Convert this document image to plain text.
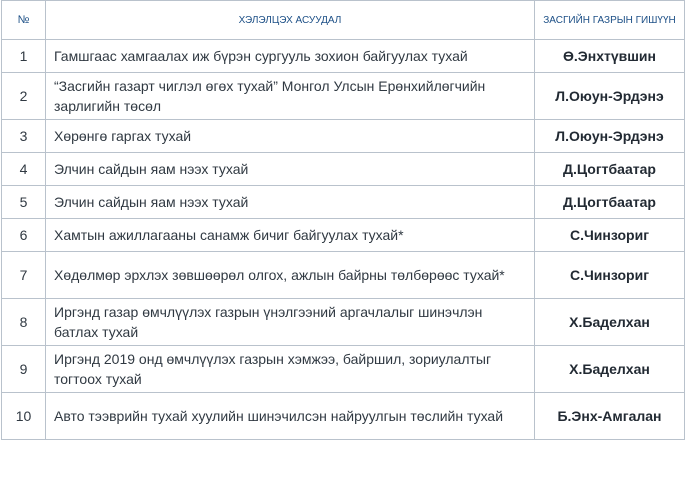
№	ХЭЛЭЛЦЭХ АСУУДАЛ	ЗАСГИЙН ГАЗРЫН ГИШҮҮН
1	Гамшгаас хамгаалах иж бүрэн сургууль зохион байгуулах тухай	Ө.Энхтүвшин
2	“Засгийн газарт чиглэл өгөх тухай” Монгол Улсын Ерөнхийлөгчийн зарлигийн төсөл	Л.Оюун-Эрдэнэ
3	Хөрөнгө гаргах тухай	Л.Оюун-Эрдэнэ
4	Элчин сайдын яам нээх тухай	Д.Цогтбаатар
5	Элчин сайдын яам нээх тухай	Д.Цогтбаатар
6	Хамтын ажиллагааны санамж бичиг байгуулах тухай*	С.Чинзориг
7	Хөдөлмөр эрхлэх зөвшөөрөл олгох, ажлын байрны төлбөрөөс тухай*	С.Чинзориг
8	Иргэнд газар өмчлүүлэх газрын үнэлгээний аргачлалыг шинэчлэн батлах тухай	Х.Баделхан
9	Иргэнд 2019 онд өмчлүүлэх газрын хэмжээ, байршил, зориулалтыг тогтоох тухай	Х.Баделхан
10	Авто тээврийн тухай хуулийн шинэчилсэн найруулгын төслийн тухай	Б.Энх-Амгалан
